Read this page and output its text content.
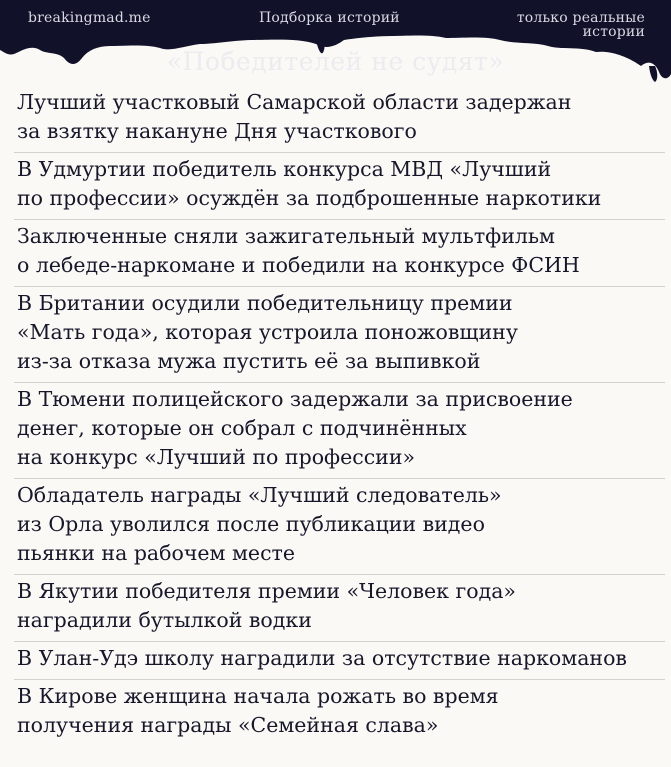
breakingmad.me	Подборка историй	только реальные истории
«Победителей не судят»
Лучший участковый Самарской области задержан
за взятку накануне Дня участкового
В Удмуртии победитель конкурса МВД «Лучший
по профессии» осуждён за подброшенные наркотики
Заключенные сняли зажигательный мультфильм
о лебеде-наркомане и победили на конкурсе ФСИН
В Британии осудили победительницу премии
«Мать года», которая устроила поножовщину
из-за отказа мужа пустить её за выпивкой
В Тюмени полицейского задержали за присвоение
денег, которые он собрал с подчинённых
на конкурс «Лучший по профессии»
Обладатель награды «Лучший следователь»
из Орла уволился после публикации видео
пьянки на рабочем месте
В Якутии победителя премии «Человек года»
наградили бутылкой водки
В Улан-Удэ школу наградили за отсутствие наркоманов
В Кирове женщина начала рожать во время
получения награды «Семейная слава»
